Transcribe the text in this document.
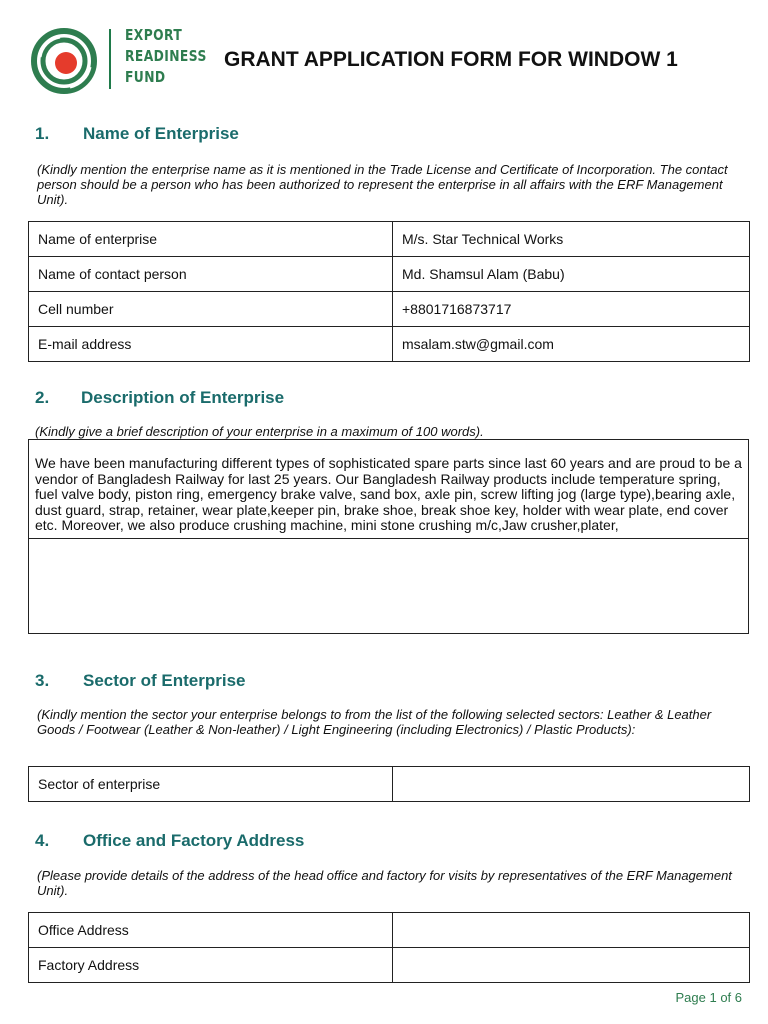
EXPORT
READINESS
FUND
GRANT APPLICATION FORM FOR WINDOW 1
1. Name of Enterprise
(Kindly mention the enterprise name as it is mentioned in the Trade License and Certificate of Incorporation. The contact person should be a person who has been authorized to represent the enterprise in all affairs with the ERF Management Unit).
Name of enterprise	M/s. Star Technical Works
Name of contact person	Md. Shamsul Alam (Babu)
Cell number	+8801716873717
E-mail address	msalam.stw@gmail.com
2. Description of Enterprise
(Kindly give a brief description of your enterprise in a maximum of 100 words).
We have been manufacturing different types of sophisticated spare parts since last 60 years and are proud to be a vendor of Bangladesh Railway for last 25 years. Our Bangladesh Railway products include temperature spring, fuel valve body, piston ring, emergency brake valve, sand box, axle pin, screw lifting jog (large type),bearing axle, dust guard, strap, retainer, wear plate,keeper pin, brake shoe, break shoe key, holder with wear plate, end cover etc. Moreover, we also produce crushing machine, mini stone crushing m/c,Jaw crusher,plater,
3. Sector of Enterprise
(Kindly mention the sector your enterprise belongs to from the list of the following selected sectors: Leather & Leather Goods / Footwear (Leather & Non-leather) / Light Engineering (including Electronics) / Plastic Products):
Sector of enterprise	
4. Office and Factory Address
(Please provide details of the address of the head office and factory for visits by representatives of the ERF Management Unit).
Office Address	
Factory Address	
Page 1 of 6
